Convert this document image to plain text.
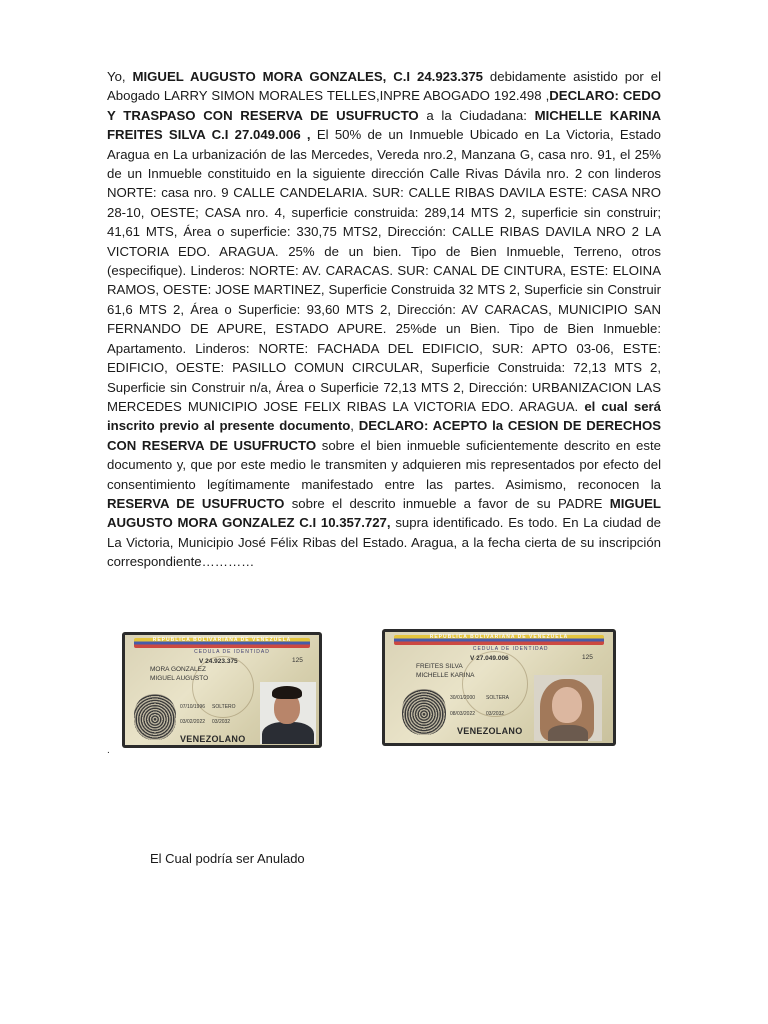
Yo, MIGUEL AUGUSTO MORA GONZALES, C.I 24.923.375 debidamente asistido por el Abogado LARRY SIMON MORALES TELLES,INPRE ABOGADO 192.498 ,DECLARO: CEDO Y TRASPASO CON RESERVA DE USUFRUCTO a la Ciudadana: MICHELLE KARINA FREITES SILVA C.I 27.049.006 , El 50% de un Inmueble Ubicado en La Victoria, Estado Aragua en La urbanización de las Mercedes, Vereda nro.2, Manzana G, casa nro. 91, el 25% de un Inmueble constituido en la siguiente dirección Calle Rivas Dávila nro. 2 con linderos NORTE: casa nro. 9 CALLE CANDELARIA. SUR: CALLE RIBAS DAVILA ESTE: CASA NRO 28-10, OESTE; CASA nro. 4, superficie construida: 289,14 MTS 2, superficie sin construir; 41,61 MTS, Área o superficie: 330,75 MTS2, Dirección: CALLE RIBAS DAVILA NRO 2 LA VICTORIA EDO. ARAGUA. 25% de un bien. Tipo de Bien Inmueble, Terreno, otros (especifique). Linderos: NORTE: AV. CARACAS. SUR: CANAL DE CINTURA, ESTE: ELOINA RAMOS, OESTE: JOSE MARTINEZ, Superficie Construida 32 MTS 2, Superficie sin Construir 61,6 MTS 2, Área o Superficie: 93,60 MTS 2, Dirección: AV CARACAS, MUNICIPIO SAN FERNANDO DE APURE, ESTADO APURE. 25%de un Bien. Tipo de Bien Inmueble: Apartamento. Linderos: NORTE: FACHADA DEL EDIFICIO, SUR: APTO 03-06, ESTE: EDIFICIO, OESTE: PASILLO COMUN CIRCULAR, Superficie Construida: 72,13 MTS 2, Superficie sin Construir n/a, Área o Superficie 72,13 MTS 2, Dirección: URBANIZACION LAS MERCEDES MUNICIPIO JOSE FELIX RIBAS LA VICTORIA EDO. ARAGUA. el cual será inscrito previo al presente documento, DECLARO: ACEPTO la CESION DE DERECHOS CON RESERVA DE USUFRUCTO sobre el bien inmueble suficientemente descrito en este documento y, que por este medio le transmiten y adquieren mis representados por efecto del consentimiento legítimamente manifestado entre las partes. Asimismo, reconocen la RESERVA DE USUFRUCTO sobre el descrito inmueble a favor de su PADRE MIGUEL AUGUSTO MORA GONZALEZ C.I 10.357.727, supra identificado. Es todo. En La ciudad de La Victoria, Municipio José Félix Ribas del Estado. Aragua, a la fecha cierta de su inscripción correspondiente…………

REPUBLICA BOLIVARIANA DE VENEZUELA
CEDULA DE IDENTIDAD
V 24.923.375	125
MORA GONZALEZ
MIGUEL AUGUSTO
07/10/1996 SOLTERO
03/02/2022 03/2032
VENEZOLANO
REPUBLICA BOLIVARIANA DE VENEZUELA
CEDULA DE IDENTIDAD
V 27.049.006	125
FREITES SILVA
MICHELLE KARINA
30/01/2000 SOLTERA
08/03/2022 03/2032
VENEZOLANO
.
El Cual podría ser Anulado
